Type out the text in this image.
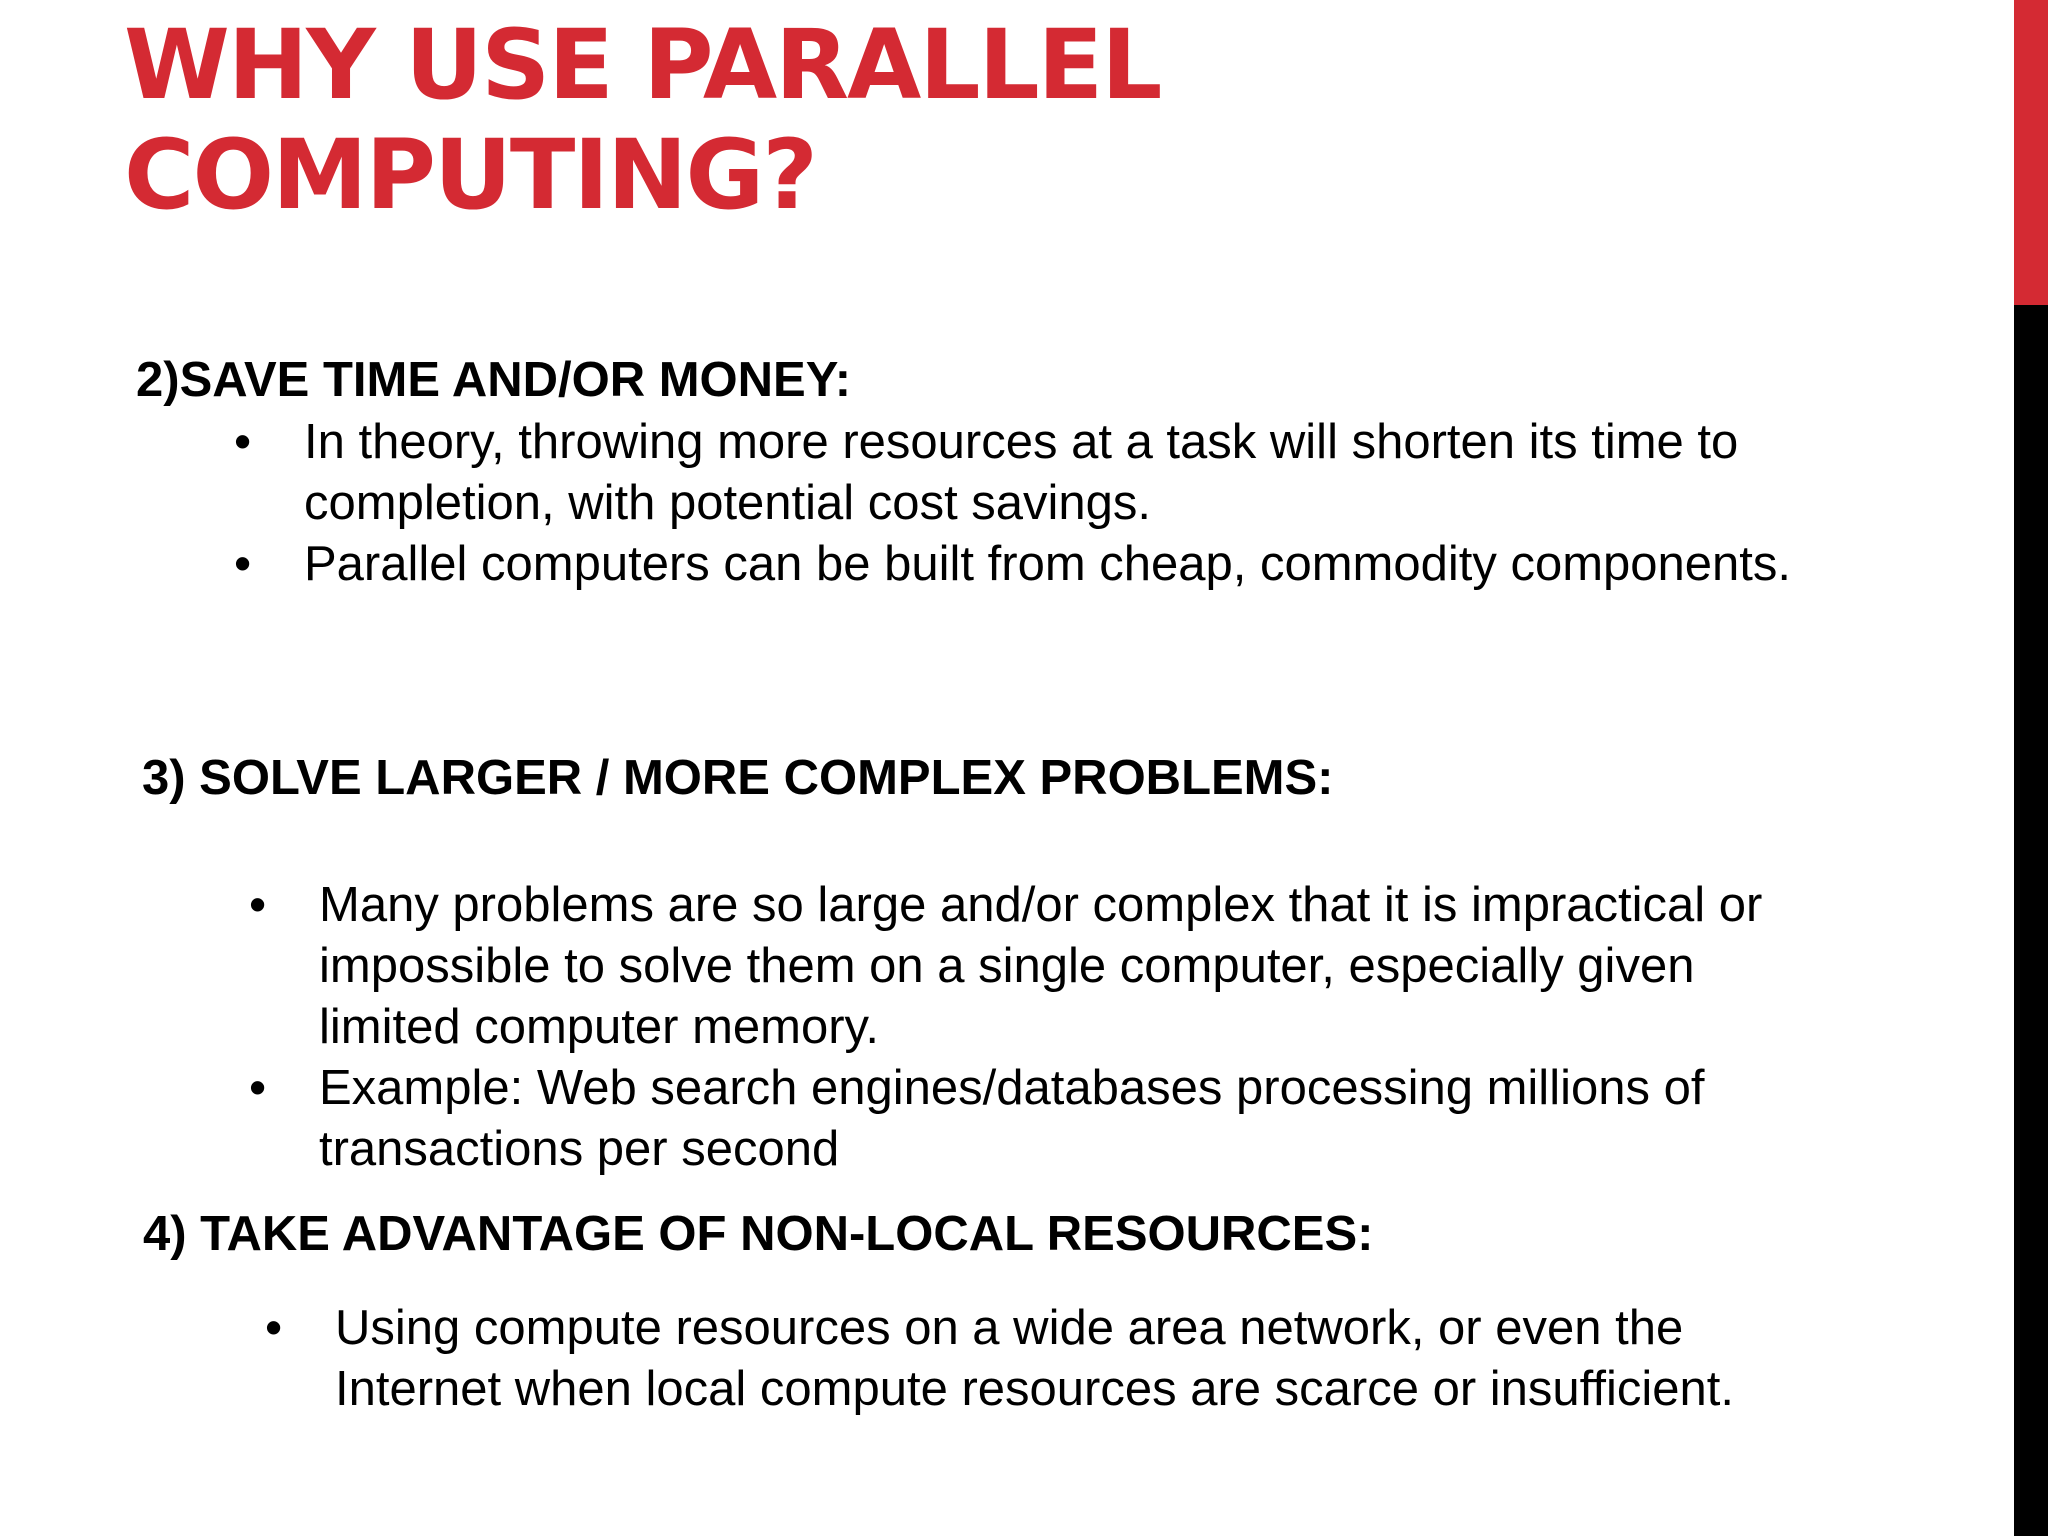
WHY USE PARALLEL
COMPUTING?
2)SAVE TIME AND/OR MONEY:
• In theory, throwing more resources at a task will shorten its time to completion, with potential cost savings.
• Parallel computers can be built from cheap, commodity components.
3) SOLVE LARGER / MORE COMPLEX PROBLEMS:
• Many problems are so large and/or complex that it is impractical or impossible to solve them on a single computer, especially given limited computer memory.
• Example: Web search engines/databases processing millions of transactions per second
4) TAKE ADVANTAGE OF NON-LOCAL RESOURCES:
• Using compute resources on a wide area network, or even the Internet when local compute resources are scarce or insufficient.
